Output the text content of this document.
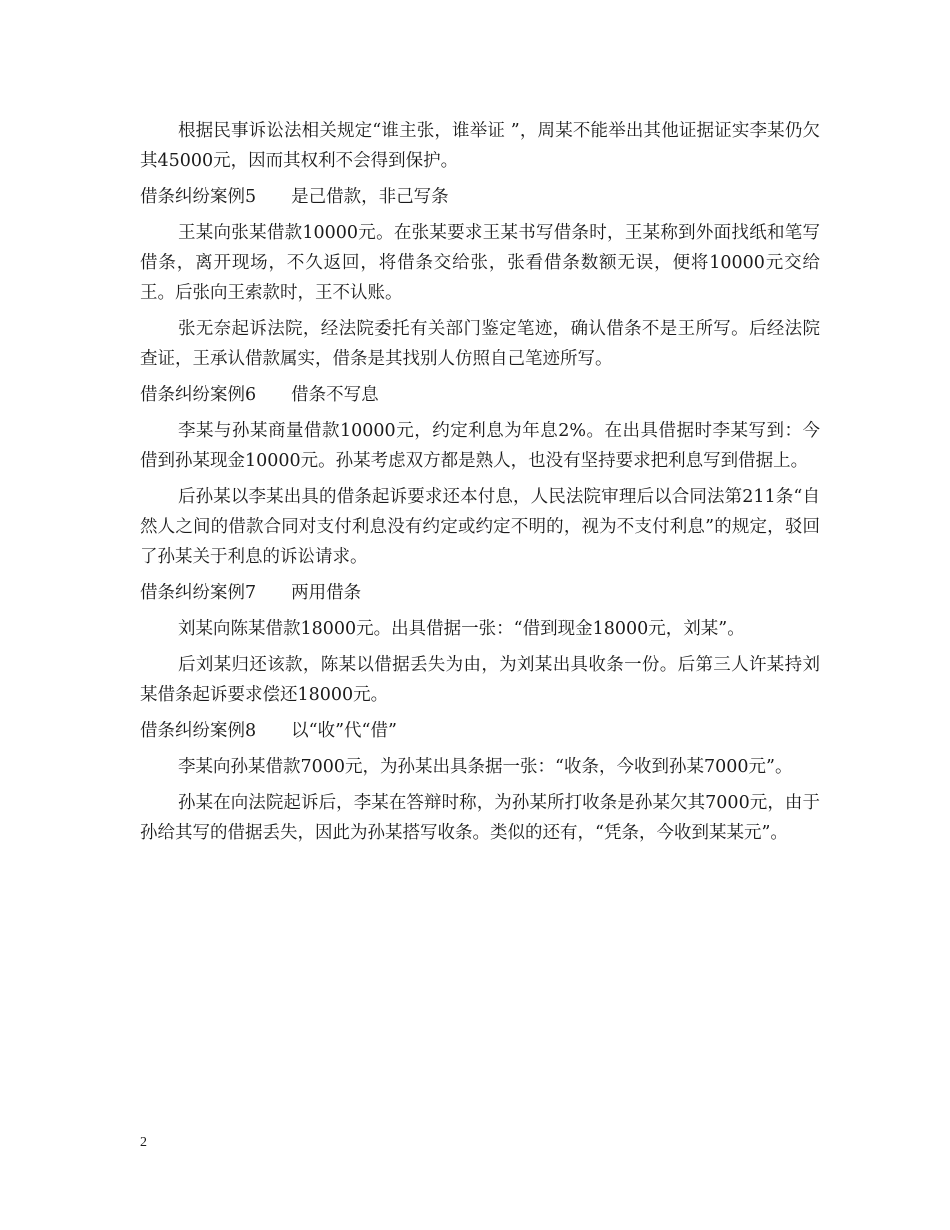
根据民事诉讼法相关规定“谁主张，谁举证 ”，周某不能举出其他证据证实李某仍欠其45000元，因而其权利不会得到保护。

借条纠纷案例5　　是己借款，非己写条

王某向张某借款10000元。在张某要求王某书写借条时，王某称到外面找纸和笔写借条，离开现场，不久返回，将借条交给张，张看借条数额无误，便将10000元交给王。后张向王索款时，王不认账。

张无奈起诉法院，经法院委托有关部门鉴定笔迹，确认借条不是王所写。后经法院查证，王承认借款属实，借条是其找别人仿照自己笔迹所写。

借条纠纷案例6　　借条不写息

李某与孙某商量借款10000元，约定利息为年息2%。在出具借据时李某写到：今借到孙某现金10000元。孙某考虑双方都是熟人，也没有坚持要求把利息写到借据上。

后孙某以李某出具的借条起诉要求还本付息，人民法院审理后以合同法第211条“自然人之间的借款合同对支付利息没有约定或约定不明的，视为不支付利息”的规定，驳回了孙某关于利息的诉讼请求。

借条纠纷案例7　　两用借条

刘某向陈某借款18000元。出具借据一张：“借到现金18000元，刘某”。

后刘某归还该款，陈某以借据丢失为由，为刘某出具收条一份。后第三人许某持刘某借条起诉要求偿还18000元。

借条纠纷案例8　　以“收”代“借”

李某向孙某借款7000元，为孙某出具条据一张：“收条，今收到孙某7000元”。

孙某在向法院起诉后，李某在答辩时称，为孙某所打收条是孙某欠其7000元，由于孙给其写的借据丢失，因此为孙某搭写收条。类似的还有，“凭条，今收到某某元”。

2
